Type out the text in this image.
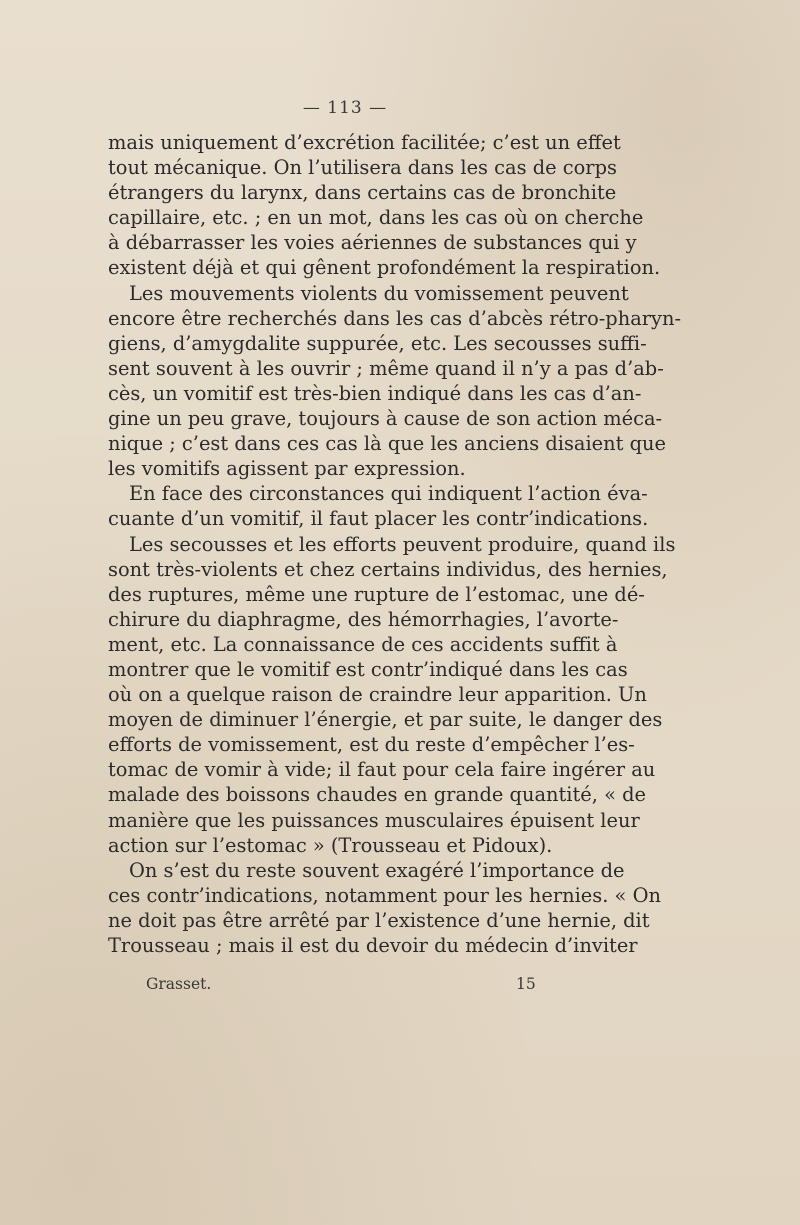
— 113 —
mais uniquement d’excrétion facilitée; c’est un effet
tout mécanique. On l’utilisera dans les cas de corps
étrangers du larynx, dans certains cas de bronchite
capillaire, etc. ; en un mot, dans les cas où on cherche
à débarrasser les voies aériennes de substances qui y
existent déjà et qui gênent profondément la respiration.
Les mouvements violents du vomissement peuvent
encore être recherchés dans les cas d’abcès rétro-pharyn-
giens, d’amygdalite suppurée, etc. Les secousses suffi-
sent souvent à les ouvrir ; même quand il n’y a pas d’ab-
cès, un vomitif est très-bien indiqué dans les cas d’an-
gine un peu grave, toujours à cause de son action méca-
nique ; c’est dans ces cas là que les anciens disaient que
les vomitifs agissent par expression.
En face des circonstances qui indiquent l’action éva-
cuante d’un vomitif, il faut placer les contr’indications.
Les secousses et les efforts peuvent produire, quand ils
sont très-violents et chez certains individus, des hernies,
des ruptures, même une rupture de l’estomac, une dé-
chirure du diaphragme, des hémorrhagies, l’avorte-
ment, etc. La connaissance de ces accidents suffit à
montrer que le vomitif est contr’indiqué dans les cas
où on a quelque raison de craindre leur apparition. Un
moyen de diminuer l’énergie, et par suite, le danger des
efforts de vomissement, est du reste d’empêcher l’es-
tomac de vomir à vide; il faut pour cela faire ingérer au
malade des boissons chaudes en grande quantité, « de
manière que les puissances musculaires épuisent leur
action sur l’estomac » (Trousseau et Pidoux).
On s’est du reste souvent exagéré l’importance de
ces contr’indications, notamment pour les hernies. « On
ne doit pas être arrêté par l’existence d’une hernie, dit
Trousseau ; mais il est du devoir du médecin d’inviter
Grasset.	15
